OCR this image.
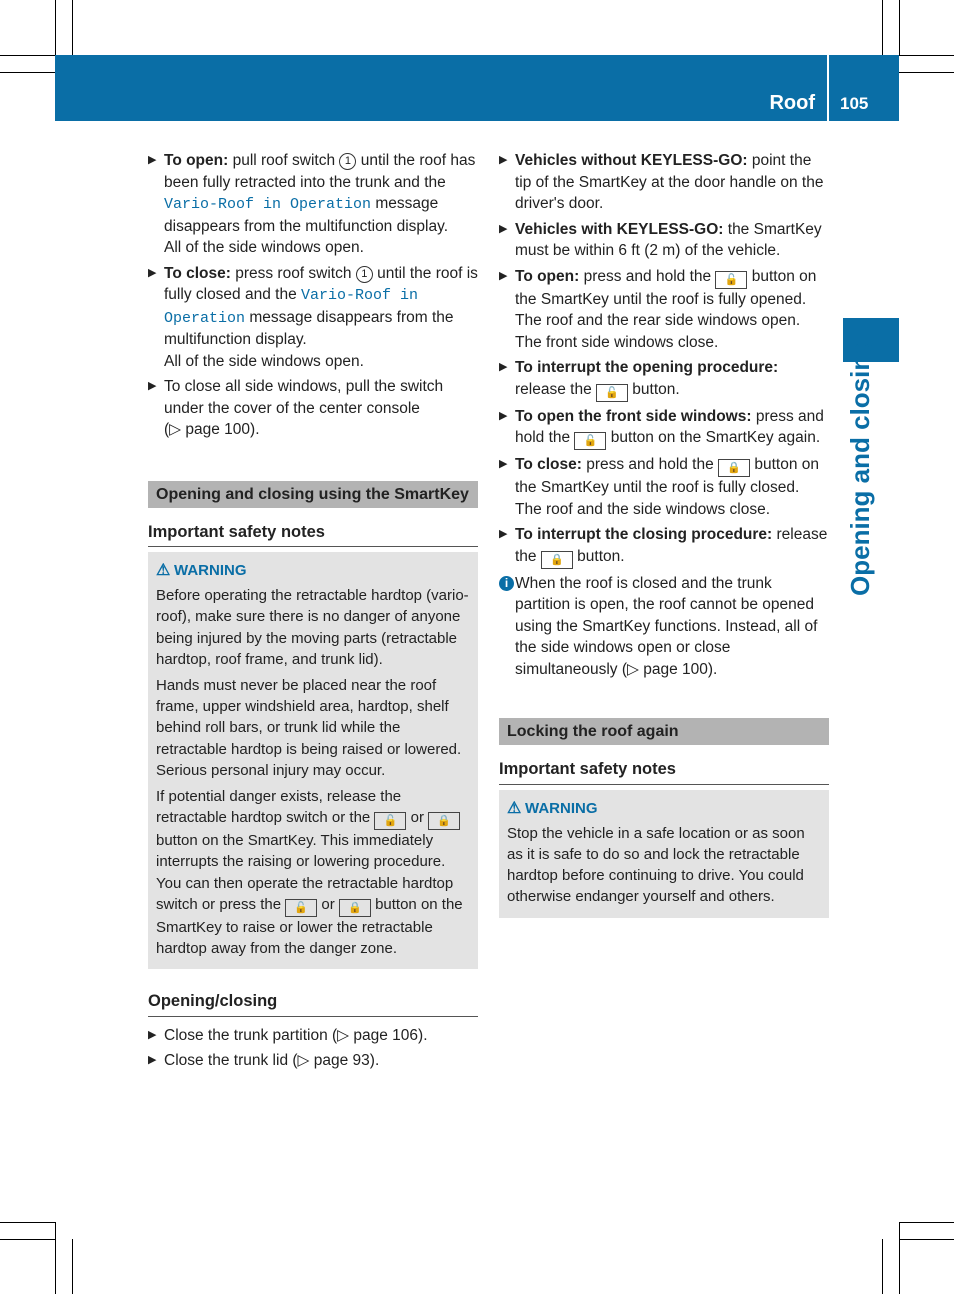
Roof 105
Opening and closing
▶ To open: pull roof switch 1 until the roof has been fully retracted into the trunk and the Vario-Roof in Operation message disappears from the multifunction display.
All of the side windows open.
▶ To close: press roof switch 1 until the roof is fully closed and the Vario-Roof in Operation message disappears from the multifunction display.
All of the side windows open.
▶ To close all side windows, pull the switch under the cover of the center console
(▷ page 100).
Opening and closing using the SmartKey
Important safety notes
⚠ WARNING

Before operating the retractable hardtop (vario-roof), make sure there is no danger of anyone being injured by the moving parts (retractable hardtop, roof frame, and trunk lid).

Hands must never be placed near the roof frame, upper windshield area, hardtop, shelf behind roll bars, or trunk lid while the retractable hardtop is being raised or lowered. Serious personal injury may occur.

If potential danger exists, release the retractable hardtop switch or the 🔓 or 🔒 button on the SmartKey. This immediately interrupts the raising or lowering procedure. You can then operate the retractable hardtop switch or press the 🔓 or 🔒 button on the SmartKey to raise or lower the retractable hardtop away from the danger zone.

Opening/closing
▶ Close the trunk partition (▷ page 106).
▶ Close the trunk lid (▷ page 93).
▶ Vehicles without KEYLESS-GO: point the tip of the SmartKey at the door handle on the driver's door.
▶ Vehicles with KEYLESS-GO: the SmartKey must be within 6 ft (2 m) of the vehicle.
▶ To open: press and hold the 🔓 button on the SmartKey until the roof is fully opened.
The roof and the rear side windows open. The front side windows close.
▶ To interrupt the opening procedure: release the 🔓 button.
▶ To open the front side windows: press and hold the 🔓 button on the SmartKey again.
▶ To close: press and hold the 🔒 button on the SmartKey until the roof is fully closed.
The roof and the side windows close.
▶ To interrupt the closing procedure: release the 🔒 button.
i When the roof is closed and the trunk partition is open, the roof cannot be opened using the SmartKey functions. Instead, all of the side windows open or close simultaneously (▷ page 100).
Locking the roof again
Important safety notes
⚠ WARNING

Stop the vehicle in a safe location or as soon as it is safe to do so and lock the retractable hardtop before continuing to drive. You could otherwise endanger yourself and others.
